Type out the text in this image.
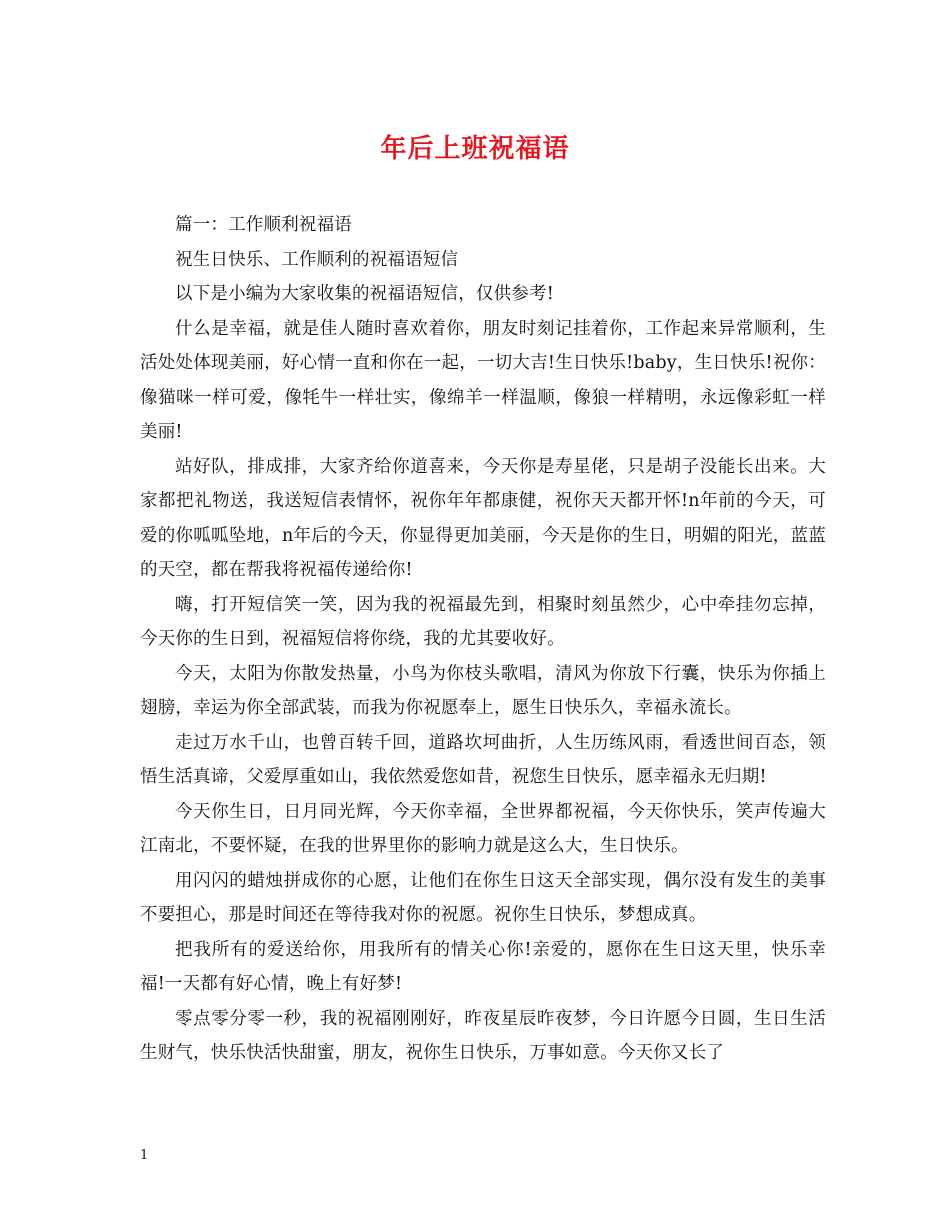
年后上班祝福语

篇一：工作顺利祝福语

祝生日快乐、工作顺利的祝福语短信

以下是小编为大家收集的祝福语短信，仅供参考!

什么是幸福，就是佳人随时喜欢着你，朋友时刻记挂着你，工作起来异常顺利，生活处处体现美丽，好心情一直和你在一起，一切大吉!生日快乐!baby，生日快乐!祝你：像猫咪一样可爱，像牦牛一样壮实，像绵羊一样温顺，像狼一样精明，永远像彩虹一样美丽!

站好队，排成排，大家齐给你道喜来，今天你是寿星佬，只是胡子没能长出来。大家都把礼物送，我送短信表情怀，祝你年年都康健，祝你天天都开怀!n年前的今天，可爱的你呱呱坠地，n年后的今天，你显得更加美丽，今天是你的生日，明媚的阳光，蓝蓝的天空，都在帮我将祝福传递给你!

嗨，打开短信笑一笑，因为我的祝福最先到，相聚时刻虽然少，心中牵挂勿忘掉，今天你的生日到，祝福短信将你绕，我的尤其要收好。

今天，太阳为你散发热量，小鸟为你枝头歌唱，清风为你放下行囊，快乐为你插上翅膀，幸运为你全部武装，而我为你祝愿奉上，愿生日快乐久，幸福永流长。

走过万水千山，也曾百转千回，道路坎坷曲折，人生历练风雨，看透世间百态，领悟生活真谛，父爱厚重如山，我依然爱您如昔，祝您生日快乐，愿幸福永无归期!

今天你生日，日月同光辉，今天你幸福，全世界都祝福，今天你快乐，笑声传遍大江南北，不要怀疑，在我的世界里你的影响力就是这么大，生日快乐。

用闪闪的蜡烛拼成你的心愿，让他们在你生日这天全部实现，偶尔没有发生的美事不要担心，那是时间还在等待我对你的祝愿。祝你生日快乐，梦想成真。

把我所有的爱送给你，用我所有的情关心你!亲爱的，愿你在生日这天里，快乐幸福!一天都有好心情，晚上有好梦!

零点零分零一秒，我的祝福刚刚好，昨夜星辰昨夜梦，今日许愿今日圆，生日生活生财气，快乐快活快甜蜜，朋友，祝你生日快乐，万事如意。今天你又长了

1
